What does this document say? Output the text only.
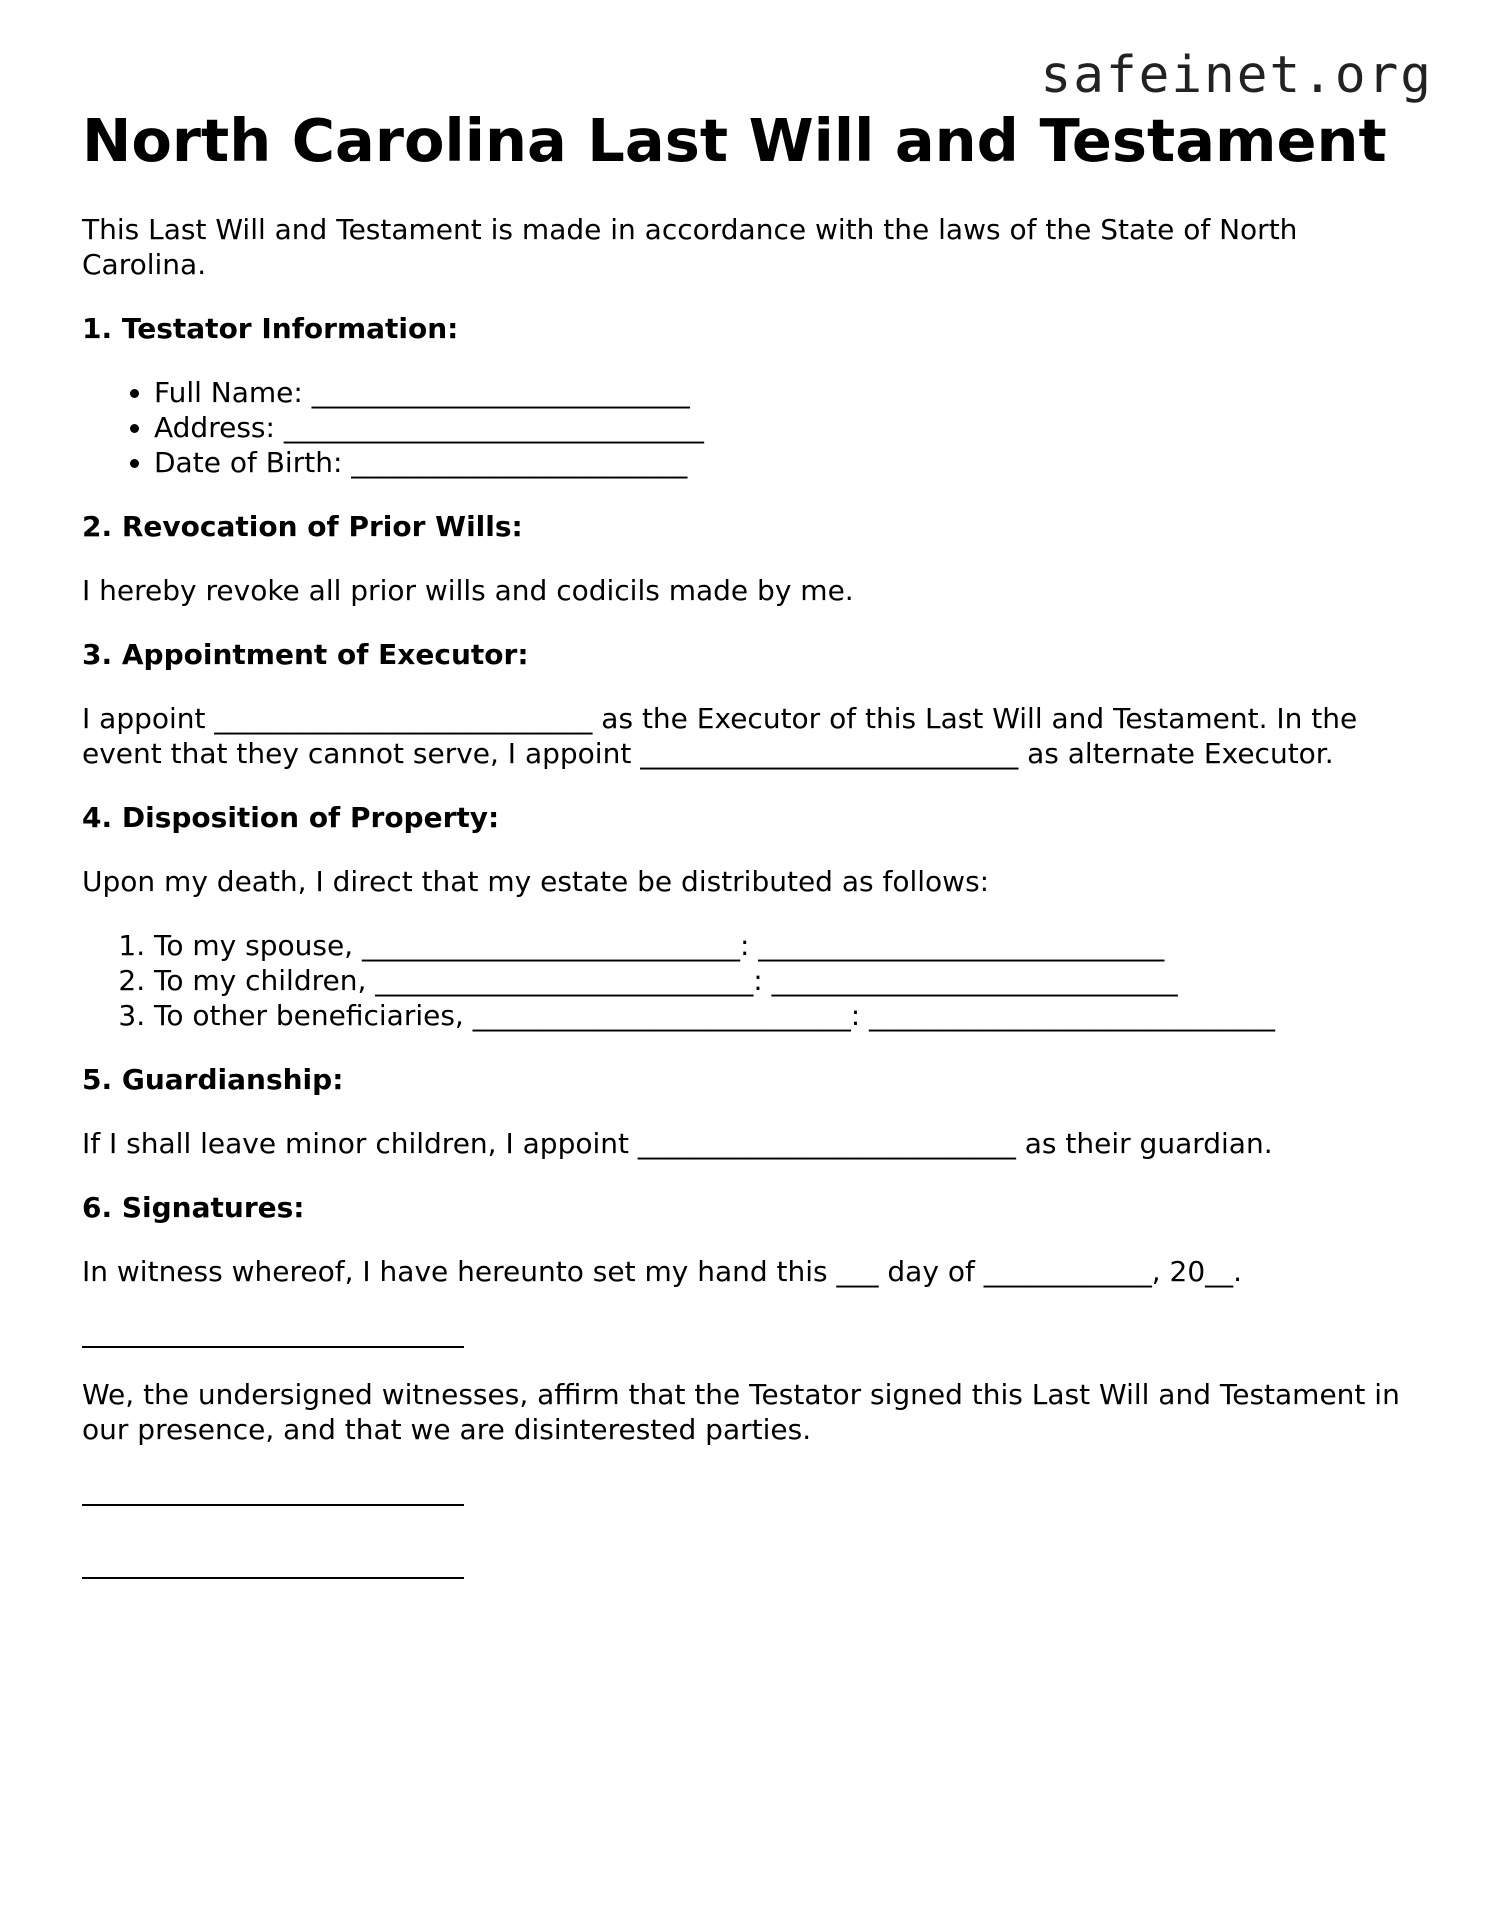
safeinet.org
North Carolina Last Will and Testament

This Last Will and Testament is made in accordance with the laws of the State of North Carolina.

1. Testator Information:
• Full Name: ___________________________
• Address: ______________________________
• Date of Birth: ________________________
2. Revocation of Prior Wills:

I hereby revoke all prior wills and codicils made by me.

3. Appointment of Executor:

I appoint ___________________________ as the Executor of this Last Will and Testament. In the event that they cannot serve, I appoint ___________________________ as alternate Executor.

4. Disposition of Property:

Upon my death, I direct that my estate be distributed as follows:

1. To my spouse, ___________________________: _____________________________
2. To my children, ___________________________: _____________________________
3. To other beneficiaries, ___________________________: _____________________________
5. Guardianship:

If I shall leave minor children, I appoint ___________________________ as their guardian.

6. Signatures:

In witness whereof, I have hereunto set my hand this ___ day of ____________, 20__.

We, the undersigned witnesses, affirm that the Testator signed this Last Will and Testament in our presence, and that we are disinterested parties.
